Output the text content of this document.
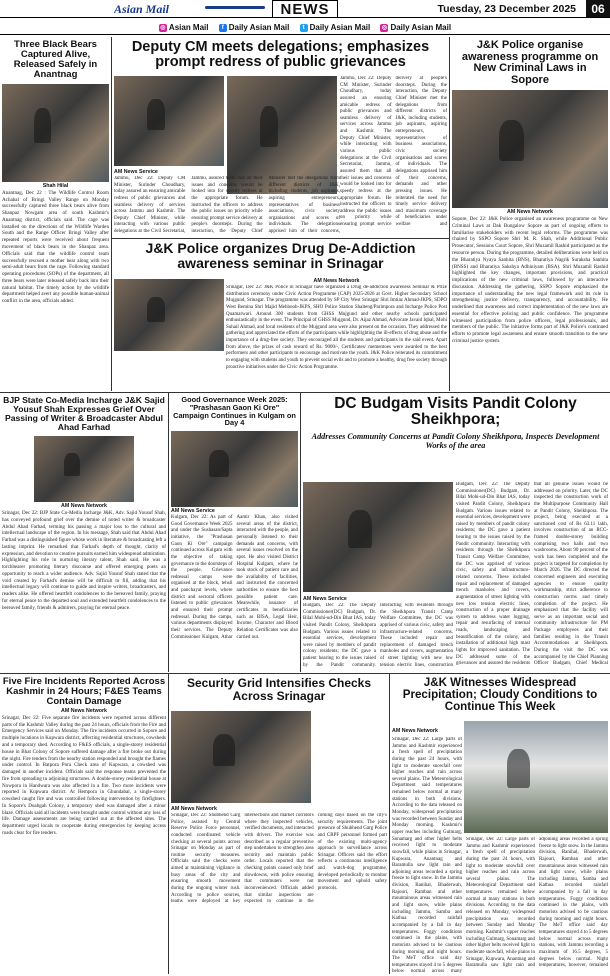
Asian Mail	NEWS	Tuesday, 23 December 2025	06
◎ Asian Mail
	f Daily Asian Mail
	t Daily Asian Mail
◎ Daily Asian Mail
Three Black Bears Captured Alive, Released Safely in Anantnag
Shah Hilal
Anantnag, Dec 22 : The Wildlife Control Room Achabal of Bringi Valley Range on Monday successfully captured three black bears alive from Shanpaz Nowgam area of south Kashmir's Anantnag district, officials said. The cage was installed on the directions of the Wildlife Warden South and the Range Officer Bringi Valley after repeated reports were received about frequent movement of black bears in the Shanpaz area. Officials said that the wildlife control team successfully rescued a mother bear along with two semi-adult bears from the cage. Following standard operating procedures (SOPs) of the department, all three bears were later released safely back into their natural habitat. The timely action by the wildlife department helped avert any possible human-animal conflict in the area, officials added.
Deputy CM meets delegations; emphasizes prompt redress of public grievances
AM News Service
Jammu, Dec 22: Deputy CM Minister, Surinder Choudhary, today assured an ensuring amicable redress of public grievances and seamless delivery of services across Jammu and Kashmir. The Deputy Chief Minister, while interacting with various public delegations at the Civil Secretariat, Jammu, assured them that all their issues and concerns would be looked into for speedy redress at the appropriate forum. He instructed the officers to address the public issues on priority while ensuring prompt service delivery at people's doorsteps. During the interaction, the Deputy Chief Minister met the delegations from different districts of J&K, including students, job aspirants, aspiring entrepreneurs, representatives of business associations, civic society organisations and scores of individuals. The delegations apprised him of their concerns,
Jammu, Dec 22: Deputy CM Minister, Surinder Choudhary, today assured an ensuring amicable redress of public grievances and seamless delivery of services across Jammu and Kashmir. The Deputy Chief Minister, while interacting with various public delegations at the Civil Secretariat, Jammu, assured them that all their issues and concerns would be looked into for speedy redress at the appropriate forum. He instructed the officers to address the public issues on priority while ensuring prompt service delivery at people's doorsteps. During the interaction, the Deputy Chief Minister met the delegations from different districts of J&K, including students, job aspirants, aspiring entrepreneurs, representatives of business associations, civic society organisations and scores of individuals. The delegations apprised him of their concerns, demands and other pressing issues. He reiterated the need for timely service delivery and maximum coverage of beneficiaries under welfare and
J&K Police organise awareness programme on New Criminal Laws in Sopore
AM News Network
Sopore, Dec 22: J&K Police organised an awareness programme on New Criminal Laws at Dak Bungalow Sopore as part of ongoing efforts to familiarise stakeholders with recent legal reforms. The programme was chaired by SSPO Sopore Shri M. R. Shah, while Additional Public Prosecutor, Sessions Court Sopore, Shri Muzamil Rashid participated as the resource person. During the programme, detailed deliberations were held on the Bharatiya Nyaya Sanhita (BNS), Bharatiya Nagrik Suraksha Sanhita (BNSS) and Bharatiya Sakshya Adhiniyam (BSA). Shri Muzamil Rashid highlighted the key changes, important provisions, and practical implications of the new criminal laws, followed by an interactive discussion. Addressing the gathering, SSPO Sopore emphasized the importance of understanding the new legal framework and its role in strengthening justice delivery, transparency, and accountability. He underlined that awareness and correct implementation of the new laws are essential for effective policing and public confidence. The programme witnessed participation from police officers, legal professionals, and members of the public. The initiative forms part of J&K Police's continued efforts to promote legal awareness and ensure smooth transition to the new criminal justice system.
J&K Police organizes Drug De-Addiction awareness seminar in Srinagar
AM News Network
Srinagar, Dec 22: J&K Police in Srinagar have organized a Drug de-addiction awareness Seminar & Prize distribution ceremony under Civic Action Programme (CAP) 2025-2026 at Govt. Higher Secondary School Mujgund, Srinagar. The programme was attended by SP City West Srinagar Shri Imtiaz Ahmad-JKPS, SDPO West Bemina Shri Majid Mehboob-JKPS, SHO Police Station Shalteng/Parimpora and Incharge Police Post Quamarwari. Around 300 students from GHSS Mujgund and other nearby schools participated enthusiastically in the event. The Principal of GHSS Mujgund, Dr. Aijaz Ahmad, Advocate Javaid Iqbal, Mohi Suhail Ahmad, and local residents of the Mujgund area were also present on the occasion. They addressed the gathering and appreciated the efforts of the participants while highlighting the ill-effects of drug abuse and the importance of a drug-free society. They encouraged all the students and participants in the said event. Apart from above, the prizes of cash reward of Rs. 9000/-, Certificates/ mementoes were awarded to the best performers and other participants to encourage and motivate the youth. J&K Police reiterated its commitment to engaging with students and youth to prevent social evils and to promote a healthy, drug free society through proactive initiatives under the Civic Action Programme.
BJP State Co-Media Incharge J&K Sajid Yousuf Shah Expresses Grief Over Passing of Writer & Broadcaster Abdul Ahad Farhad
AM News Network
Srinagar, Dec 22: BJP State Co-Media Incharge J&K, Adv. Sajid Yousuf Shah, has conveyed profound grief over the demise of noted writer & broadcaster Abdul Ahad Farhad, terming his passing a major loss to the cultural and intellectual landscape of the region. In his message, Shah said that Abdul Ahad Farhad was a distinguished figure whose work in literature & broadcasting left a lasting imprint. He remarked that Farhad's depth of thought, clarity of expression, and devotion to creative pursuits earned him widespread admiration. Highlighting his role in nurturing literary talent, Shah said, He was a torchbearer promoting literary discourse and offered emerging poets an opportunity to reach a wider audience. Adv. Sajid Yousuf Shah stated that the void created by Farhad's demise will be difficult to fill, adding that his intellectual legacy will continue to guide and inspire writers, broadcasters, and readers alike. He offered heartfelt condolences to the bereaved family, praying for eternal peace to the departed soul and extended heartfelt condolences to the bereaved family, friends & admirers, praying for eternal peace.
Good Governance Week 2025: "Prashasan Gaon Ki Ore" Campaign Continues in Kulgam on Day 4
AM News Service
Kulgam, Dec 22: As part of Good Governance Week 2025 and under the Sushasan/Sapta initiative, the "Prashasan Gaon Ki Ore" campaign continued across Kulgam with the objective of taking governance to the doorsteps of the people. Grievance redressal camps were organised at the block, tehsil and panchayat levels, where district and sectoral officers listened to public grievances and ensured their prompt redressal. During the camps, various departments displayed their services. The Deputy Commissioner Kulgam, Athar Aamir Khan, also visited several areas of the district, interacted with the people, and personally listened to their demands and concerns, with several issues resolved on the spot. He also visited District Hospital Kulgam, where he took stock of patient care and the availability of facilities, and instructed the concerned authorities to ensure the best possible patient care. Meanwhile, issuance of certificates to beneficiaries such as BISA, Legal Heir, Income, Character and Blood Relation Certificates was also carried out.
DC Budgam Visits Pandit Colony Sheikhpora;
Addresses Community Concerns at Pandit Colony Sheikhpora, Inspects Development Works of the area
AM News Service
Budgam, Dec 22: The Deputy Commissioner(DC) Budgam, Dr. Bilal Mohi-ud-Din Bhat IAS, today visited Pandit Colony, Sheikhpora Budgam. Various issues related to essential services, development were raised by members of pandit colony residents; the DC gave a patient hearing to the issues raised by the Pandit community. Interacting with residents through the Sheikhpora Transit Camp Welfare Committee, the DC was apprised of various civic, safety and infrastructure-related concerns. These included repair and replacement of damaged trench manholes and covers, augmentation of street lighting with new low tension electric lines, construction
Budgam, Dec 22: The Deputy Commissioner(DC) Budgam, Dr. Bilal Mohi-ud-Din Bhat IAS, today visited Pandit Colony, Sheikhpora Budgam. Various issues related to essential services, development were raised by members of pandit colony residents; the DC gave a patient hearing to the issues raised by the Pandit community. Interacting with residents through the Sheikhpora Transit Camp Welfare Committee, the DC was apprised of various civic, safety and infrastructure-related concerns. These included repair and replacement of damaged trench manholes and covers, augmentation of street lighting with new low tension electric lines, construction of a proper drainage system to address water logging, repair and resurfacing of internal roads, landscaping and beautification of the colony, and installation of additional high mast lights for improved sanitation. The DC addressed some of the grievances and assured the residents that all genuine issues would be addressed on priority. Later, the DC inspected the construction work of the Multipurpose Community Hall at Pandit Colony, Sheikhpora. The project, being executed at a sanctioned cost of Rs 63.11 lakh, involves construction of an RCC-framed double-storey building comprising two halls and two washrooms. About 90 percent of the work has been completed and the project is targeted for completion by March 2026. The DC directed the concerned engineers and executing agencies to ensure quality workmanship, strict adherence to construction norms and timely completion of the project. He emphasized that the facility will serve as an important social and community infrastructure for PM Package employees and their families residing in the Transit Accommodations at Sheikhpora. During the visit the DC was accompanied by the Chief Planning Officer Budgam, Chief Medical
Five Fire Incidents Reported Across Kashmir in 24 Hours; F&ES Teams Contain Damage
AM News Network
Srinagar, Dec 22: Five separate fire incidents were reported across different parts of the Kashmir Valley during the past 24 hours, officials from the Fire and Emergency Services said on Monday. The fire incidents occurred in Sopore and multiple locations in Kupwara district, affecting residential structures, cowsheds and a temporary shed. According to F&ES officials, a single-storey residential house in Bhat Colony of Sopore suffered damage after a fire broke out during the night. Fire tenders from the nearby station responded and brought the flames under control. In Batpora Pora Check area of Kupwara, a cowshed was damaged in another incident. Officials said the response teams prevented the fire from spreading to adjoining structures. A double-storey residential house at Nowpora in Handwara was also affected in a fire. Two more incidents were reported in Kupwara district. At Hempora in Ghundabal, a single-storey cowshed caught fire and was controlled following intervention by firefighters. In Sopore's Doabgah Colony, a temporary shed was damaged after a minor blaze. Officials said all incidents were brought under control without any loss of life. Damage assessments are being carried out at the affected sites. The department urged locals to cooperate during emergencies by keeping access roads clear for fire tenders.
Security Grid Intensifies Checks Across Srinagar
AM News Network
Srinagar, Dec 22: Shubhend Garg Police, assisted by Central Reserve Police Force personnel, conducted coordinated vehicle checking at several points across Srinagar on Monday as part of routine security measures. Officials said the checks were aimed at maintaining vigilance in busy areas of the city and ensuring smooth movement during the ongoing winter rush. According to police sources, teams were deployed at key intersections and market corridors where they inspected vehicles, verified documents, and interacted with drivers. The exercise was described as a regular preventive step undertaken to strengthen area security and maintain public order. Locals reported that the checking points caused only brief slowdowns, with police ensuring that commuters were not inconvenienced. Officials added that similar inspections are expected to continue in the coming days based on the city's security requirements. The joint presence of Shubhend Garg Police and CRPF personnel formed part of the existing multi-agency approach to surveillance across Srinagar. Officers said the effort reflects a continuous intelligence and watch-dog programme, developed periodically to monitor movement and uphold safety protocols.
J&K Witnesses Widespread Precipitation; Cloudy Conditions to Continue This Week
AM News Network
Srinagar, Dec 22: Large parts of Jammu and Kashmir experienced a fresh spell of precipitation during the past 24 hours, with light to moderate snowfall over higher reaches and rain across several plains. The Meteorological Department said temperatures remained below normal at many stations in both divisions. According to the data released on Monday, widespread precipitation was recorded between Sunday and Monday morning. Kashmir's upper reaches including Gulmarg, Sonamarg and other higher belts received light to moderate snowfall, while plains in Srinagar, Kupwara, Anantnag and Baramulla saw light rain and adjoining areas recorded a spring freeze to light snow. In the Jammu division, Banihal, Bhaderwah, Rajouri, Ramban and other mountainous areas witnessed rain and light snow, while plains including Jammu, Samba and Kathua recorded rainfall accompanied by a fall in day temperatures. Foggy conditions continued in the plains, with motorists advised to be cautious during morning and night hours. The MeT office said day temperatures stayed 4 to 5 degrees below normal across many
Srinagar, Dec 22: Large parts of Jammu and Kashmir experienced a fresh spell of precipitation during the past 24 hours, with light to moderate snowfall over higher reaches and rain across several plains. The Meteorological Department said temperatures remained below normal at many stations in both divisions. According to the data released on Monday, widespread precipitation was recorded between Sunday and Monday morning. Kashmir's upper reaches including Gulmarg, Sonamarg and other higher belts received light to moderate snowfall, while plains in Srinagar, Kupwara, Anantnag and Baramulla saw light rain and adjoining areas recorded a spring freeze to light snow. In the Jammu division, Banihal, Bhaderwah, Rajouri, Ramban and other mountainous areas witnessed rain and light snow, while plains including Jammu, Samba and Kathua recorded rainfall accompanied by a fall in day temperatures. Foggy conditions continued in the plains, with motorists advised to be cautious during morning and night hours. The MeT office said day temperatures stayed 4 to 5 degrees below normal across many stations, with Jammu recording a maximum of 16.5 degrees, 5 degrees below normal. Night temperatures, however, remained
